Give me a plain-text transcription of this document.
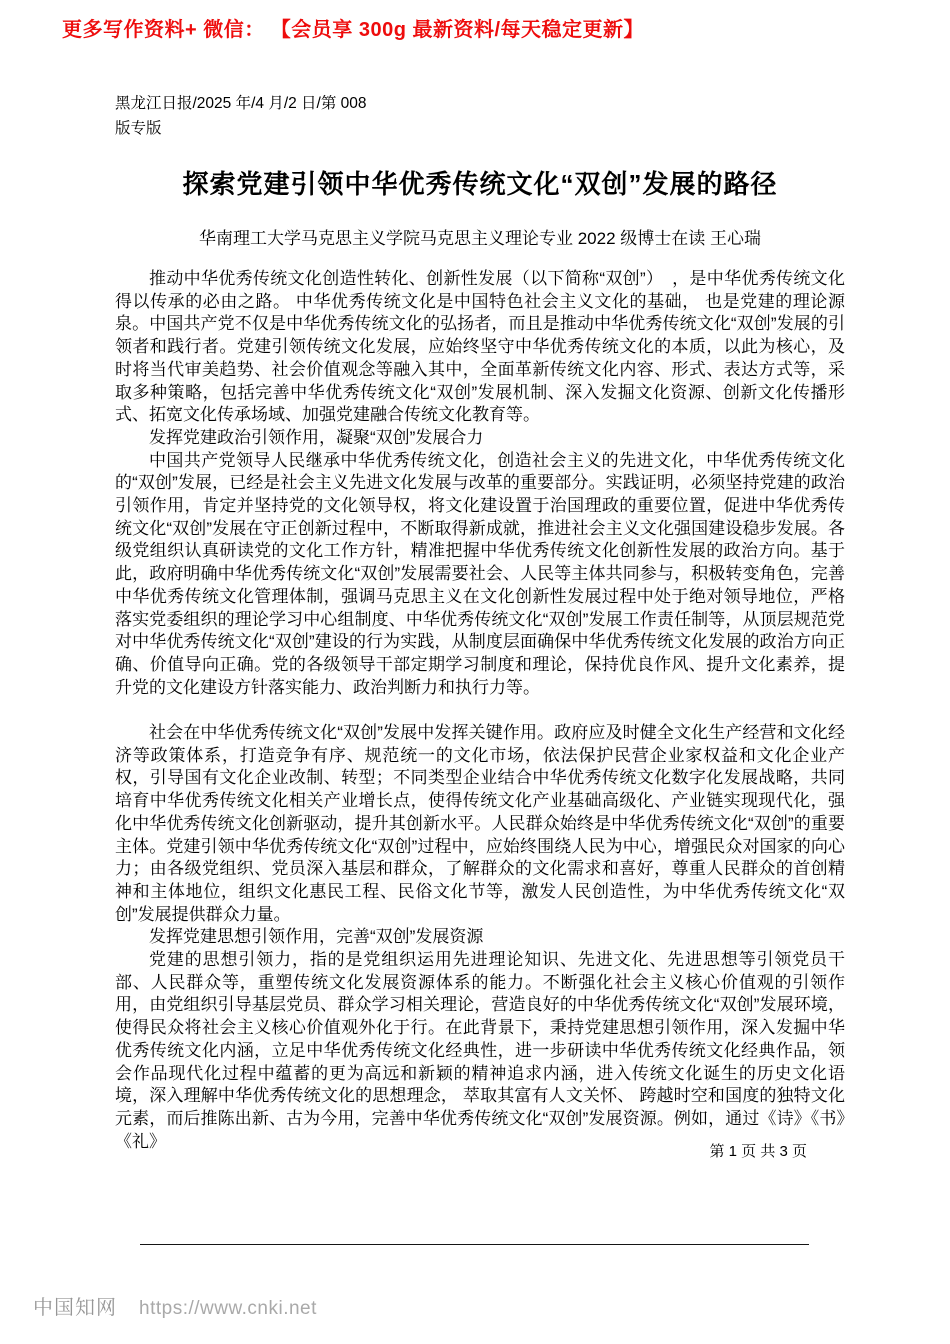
更多写作资料+ 微信： 【会员享 300g 最新资料/每天稳定更新】
黑龙江日报/2025 年/4 月/2 日/第 008
版专版
探索党建引领中华优秀传统文化“双创”发展的路径
华南理工大学马克思主义学院马克思主义理论专业 2022 级博士在读 王心瑞
推动中华优秀传统文化创造性转化、创新性发展（以下简称“双创”）　，是中华优秀传统文化得以传承的必由之路。 中华优秀传统文化是中国特色社会主义文化的基础， 也是党建的理论源泉。中国共产党不仅是中华优秀传统文化的弘扬者，而且是推动中华优秀传统文化“双创”发展的引领者和践行者。党建引领传统文化发展，应始终坚守中华优秀传统文化的本质，以此为核心，及时将当代审美趋势、社会价值观念等融入其中，全面革新传统文化内容、形式、表达方式等，采取多种策略，包括完善中华优秀传统文化“双创”发展机制、深入发掘文化资源、创新文化传播形式、拓宽文化传承场域、加强党建融合传统文化教育等。
发挥党建政治引领作用，凝聚“双创”发展合力
中国共产党领导人民继承中华优秀传统文化，创造社会主义的先进文化，中华优秀传统文化的“双创”发展，已经是社会主义先进文化发展与改革的重要部分。实践证明，必须坚持党建的政治引领作用，肯定并坚持党的文化领导权，将文化建设置于治国理政的重要位置，促进中华优秀传统文化“双创”发展在守正创新过程中，不断取得新成就，推进社会主义文化强国建设稳步发展。各级党组织认真研读党的文化工作方针，精准把握中华优秀传统文化创新性发展的政治方向。基于此，政府明确中华优秀传统文化“双创”发展需要社会、人民等主体共同参与，积极转变角色，完善中华优秀传统文化管理体制，强调马克思主义在文化创新性发展过程中处于绝对领导地位，严格落实党委组织的理论学习中心组制度、中华优秀传统文化“双创”发展工作责任制等，从顶层规范党对中华优秀传统文化“双创”建设的行为实践，从制度层面确保中华优秀传统文化发展的政治方向正确、价值导向正确。党的各级领导干部定期学习制度和理论，保持优良作风、提升文化素养，提升党的文化建设方针落实能力、政治判断力和执行力等。
社会在中华优秀传统文化“双创”发展中发挥关键作用。政府应及时健全文化生产经营和文化经济等政策体系，打造竞争有序、规范统一的文化市场，依法保护民营企业家权益和文化企业产权，引导国有文化企业改制、转型；不同类型企业结合中华优秀传统文化数字化发展战略，共同培育中华优秀传统文化相关产业增长点，使得传统文化产业基础高级化、产业链实现现代化，强化中华优秀传统文化创新驱动，提升其创新水平。人民群众始终是中华优秀传统文化“双创”的重要主体。党建引领中华优秀传统文化“双创”过程中，应始终围绕人民为中心，增强民众对国家的向心力；由各级党组织、党员深入基层和群众，了解群众的文化需求和喜好，尊重人民群众的首创精神和主体地位，组织文化惠民工程、民俗文化节等，激发人民创造性，为中华优秀传统文化“双创”发展提供群众力量。
发挥党建思想引领作用，完善“双创”发展资源
党建的思想引领力，指的是党组织运用先进理论知识、先进文化、先进思想等引领党员干部、人民群众等，重塑传统文化发展资源体系的能力。不断强化社会主义核心价值观的引领作用，由党组织引导基层党员、群众学习相关理论，营造良好的中华优秀传统文化“双创”发展环境，使得民众将社会主义核心价值观外化于行。在此背景下，秉持党建思想引领作用，深入发掘中华优秀传统文化内涵，立足中华优秀传统文化经典性，进一步研读中华优秀传统文化经典作品，领会作品现代化过程中蕴蓄的更为高远和新颖的精神追求内涵，进入传统文化诞生的历史文化语境，深入理解中华优秀传统文化的思想理念， 萃取其富有人文关怀、 跨越时空和国度的独特文化元素，而后推陈出新、古为今用，完善中华优秀传统文化“双创”发展资源。例如，通过《诗》《书》《礼》
第 1 页 共 3 页
中国知网 https://www.cnki.net
